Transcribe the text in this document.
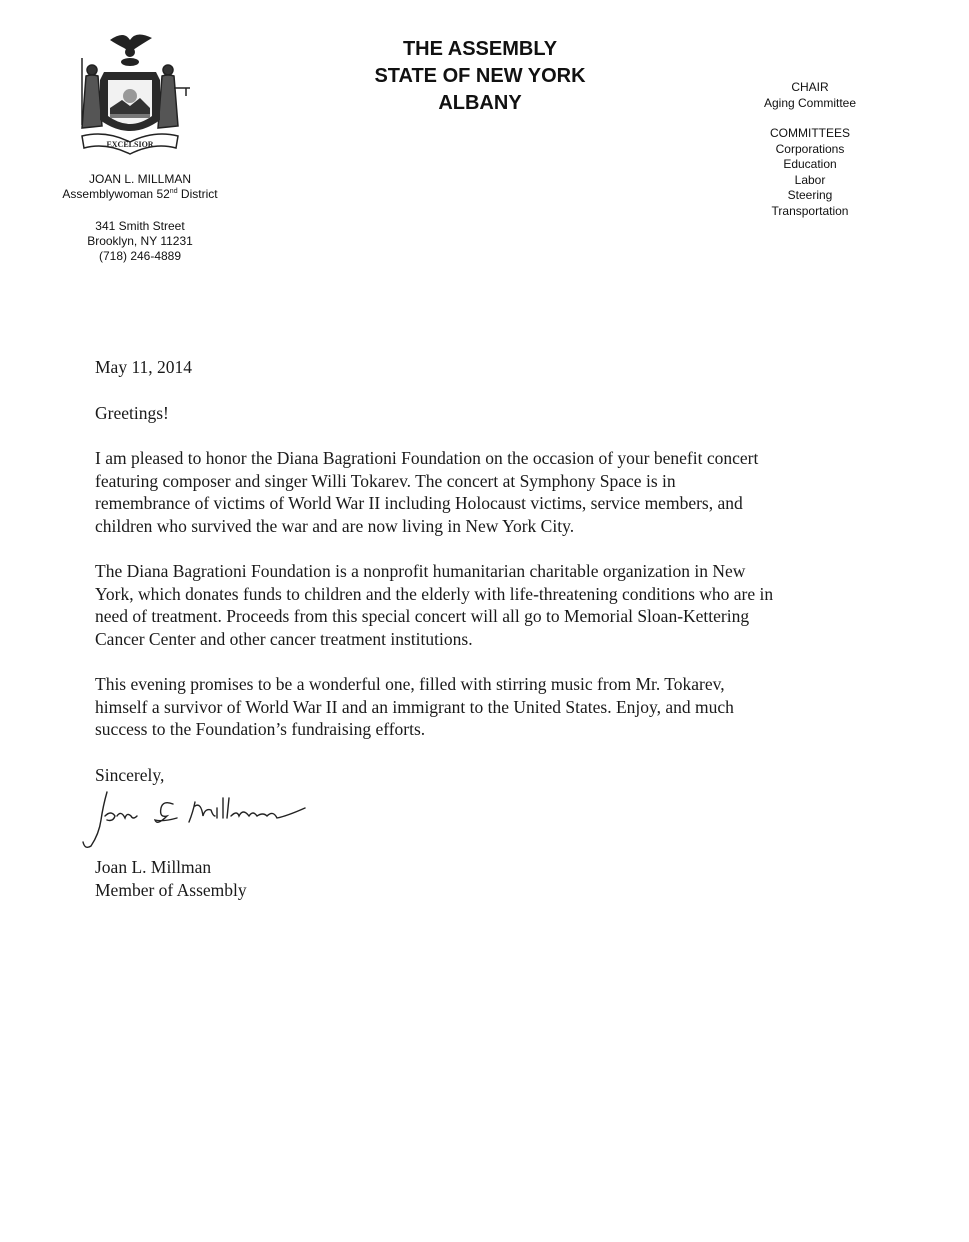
EXCELSIOR
JOAN L. MILLMAN
Assemblywoman 52nd District
341 Smith Street
Brooklyn, NY 11231
(718) 246-4889
THE ASSEMBLY
STATE OF NEW YORK
ALBANY
CHAIR
Aging Committee
COMMITTEES
Corporations
Education
Labor
Steering
Transportation

May 11, 2014

Greetings!

I am pleased to honor the Diana Bagrationi Foundation on the occasion of your benefit concert
featuring composer and singer Willi Tokarev. The concert at Symphony Space is in
remembrance of victims of World War II including Holocaust victims, service members, and
children who survived the war and are now living in New York City.

The Diana Bagrationi Foundation is a nonprofit humanitarian charitable organization in New
York, which donates funds to children and the elderly with life-threatening conditions who are in
need of treatment. Proceeds from this special concert will all go to Memorial Sloan-Kettering
Cancer Center and other cancer treatment institutions.

This evening promises to be a wonderful one, filled with stirring music from Mr. Tokarev,
himself a survivor of World War II and an immigrant to the United States. Enjoy, and much
success to the Foundation’s fundraising efforts.

Sincerely,

Joan L. Millman
Member of Assembly
